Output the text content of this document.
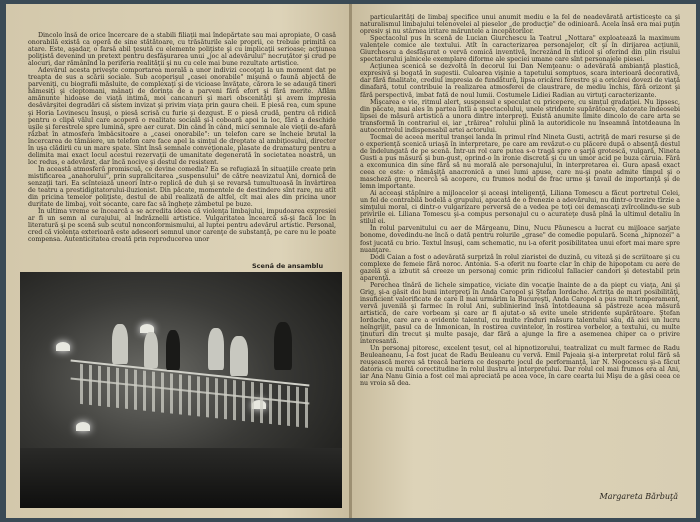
Dincolo însă de orice încercare de a stabili filiaţii mai îndepărtate sau mai apropiate, O casă onorabilă există ca operă de sine stătătoare, cu trăsăturile sale proprii, ce trebuie primită ca atare. Este, aşadar, o farsă abil ţesută cu elemente poliţiste şi cu implicaţii serioase; acţiunea poliţistă devenind un pretext pentru desfăşurarea unui „joc al adevărului" necruţător şi crud pe alocuri, dar rămânînd la periferia realităţii şi nu cu cele mai bune rezultate artistice.

Adevărul acesta priveşte comportarea morală a unor indivizi cocoţaţi la un moment dat pe treapta de sus a scării sociale. Sub acoperişul „casei onorabile" mişună o faună abjectă de parveniţi, cu biografii măsluite, de complexaţi şi de vicioase învăţate, cărora le se adaugă tineri hămesiţi şi cleptomani, mânaţi de dorinţa de a parveni fără efort şi fără merite. Aflăm amănunte hidoase de viaţă intimă, moi cancanuri şi mari obscenităţi şi avem impresia desăvârşitei degradări că sistem invizat şi privim viaţa prin gaura cheii. E piesă rea, cum spune şi Horia Lovinescu însuşi, o piesă scrisă cu furie şi dezgust. E o piesă crudă, pentru că ridică pentru o clipă vălul care acoperă o realitate socială şi-l coboară apoi la loc, fără a deschide uşile şi ferestrele spre lumină, spre aer curat. Din când în când, mici semnale ale vieţii de-afară răzbat în atmosfera îmbâcsitoare a „casei onorabile": un telefon care se încheie brutal la încercarea de tămâiere, un telefon care face apel la simţul de dreptate al ambiţiosului, directer în uşa clădirii cu un mare spate. Sînt însă semnale conveţionale, plasate de dramaturg pentru a delimita mai exact locul acestui rezervaţii de umanitate degenerată în societatea noastră, un loc redus, e adevărat, dar încă nocive şi destul de resistent.

În această atmosferă promiscuă, ce devine comedia? Ea se refugiază în situaţiile create prin mistificarea „anahorului", prin supralicitarea „suspensului" de către neavizatul Ani, dornică de senzaţii tari. Ea scînteiază uneori într-o replică de duh şi se revarsă tumultuoasă în învârtirea de teatru a prestidigitatorului-iluzionist. Din păcate, momentele de destindere sînt rare, nu atît din pricina temelor poliţiste, destul de abil realizată de altfel, cît mai ales din pricina unor duritate de limbaj, voit socante, care fac să îngheţe zâmbetul pe buze.

În ultima vreme se încearcă a se acredita ideea că violenţa limbajului, impudoarea expresiei ar fi un semn al curajului, al îndrăznelii artistice. Vulgaritatea încearcă să-şi facă loc în literatură şi pe scenă sub scutul nonconformismului, al luptei pentru adevărul artistic. Personal, cred că violenţa exterioară este adeseori semnul unor carenţe de substanţă, pe care nu le poate compensa. Autenticitatea creată prin reproducerea unor

Scenă de ansamblu

particularităţi de limbaj specifice unui anumit mediu e la fel de neadevărată artisticeşte ca şi naturalismul limbajului telenovelei al pieselor „de producţie" de odinioară. Acela însă era mai puţin opresiv şi nu stârnea iritare măruntele a incepătorilor.

Spectacolul pus în scenă de Lucian Giurchescu la Teatrul „Nottara" exploatează la maximum valenţele comice ale textului. Atît în caracterizarea personajelor, cît şi în dirijarea acţiunii, Giurchescu a desfăşurat o vervă comică inventivă, încrezând în ridicol şi oferind din plin risului spectatorului jalnicele exemplare diforme ale speciei umane care sînt personajele piesei.

Acţiunea scenică se dezvoltă în decorul lui Dan Nemţeanu: o adevărată ambianţă plastică, expresivă şi bogată în sugestii. Culoarea vişinie a tapetului somptuos, scara interioară decorativă, dar fără finalitate, crediul impresia de fundătură, lipsa oricărei ferestre şi a oricărei dovezi de viaţă dinafară, totul contribuie la realizarea atmosferei de claustrare, de mediu închis, fără orizont şi fără perspectivă, imbat fată de noul lumii. Costumele Lidiei Radian au virtuţi caracterizante.

Mişcarea e vie, ritmul alert, suspensul e speculat cu pricepere, cu simţul gradaţiei. Nu lipsesc, din păcate, mai ales în partea întîi a spectacolului, unele stridente supărătoare, datorate îndeosebi lipsei de măsură artistică a unora dintre interpreţi. Există anumite limite dincolo de care arta se transformă în contrariul ei, iar „trăirea" rolului plină la autoridicole nu înseamnă întotdeauna în autocontrolul indispensabil artei actorului.

Tocmai de aceea meritul tranşei landa în primul rînd Nineta Gusti, actriţă de mari resurse şi de o experienţă scenică uriaşă în interpretare, pe care am revăzut-o cu plăcere după o absenţă destul de îndelungată de pe scenă. Într-un rol care putea s-o tragă spre o şarjă grotescă, vulgară, Nineta Gusti a pus măsură şi bun-gust, oprind-o în ironie discretă şi cu un umor acid pe buza căruia. Fără a excomunica din sine fără să nu morală ale personajului, în interpretarea ei. Gura apasă exact ceea ce este: o rămăşiţă anacronică a unei lumi apuse, care nu-şi poate admite timpul şi o mascheză greu, încercă să acopere, cu frumos nodul de frac urme şi tavail de importanţă şi de lemn importante.

Ai acceaşi stăpînire a mijloacelor şi aceaşi inteligenţă, Liliana Tomescu a făcut portretul Celei, un fel de contrabilă bodelă a grupului, apucată de o frenezie a adevărului, nu dintr-o trezire tîrzie a simţului moral, ci dintr-o vulgarizare perversă de a vedea pe toţi cei demascaţi zvîrcolindu-se sub privirile ei. Liliana Tomescu şi-a compus personajul cu o acurateţe dusă pînă la ultimul detaliu în stilul ei.

În rolul parvenitului cu aer de Mărgeanu, Dinu, Nucu Păunescu a lucrat cu mijloace sarjate bonome, dovedindu-ne încă o dată pentru rolurile „grase" de comedie populară. Scena „hipnozei" a fost jucată cu brio. Textul însuşi, cam schematic, nu i-a oferit posibilitatea unui efort mai mare spre nuanţare.

Dodi Caian a fost o adevărată surpriză în rolul ziaristei de duzină, cu viteză şi de scriitoare şi cu complexe de femeie fără noroc. Antonia. S-a oferit nu foarte clar în chip de hipopotam cu aere de gazelă şi a izbutit să creeze un personaj comic prin ridicolul fallacier candori şi detestabil prin aparenţă.

Perechea tînără de lichele simpatice, viciate din vocaţie înainte de a da piept cu viaţa, Ani şi Grig, şi-a găsit doi buni interpreţi în Anda Caropol şi Ştefan Iordache. Actriţa de mari posibilităţi, insuficient valorificate de care îl mai urmărim la Bucureşti, Anda Caropol a pus mult temperament, vervă juvenilă şi farmec în rolul Ani, sublinierind însă întotdeauna să păstreze acea măsură artistică, de care vorbeam şi care ar fi ajutat-o să evite unele stridente supărătoare. Ştefan Iordache, care are a evidente talentul, cu multe rînduri măsura talentului său, dă aici un lucru neîngrijit, pasul ca de Înmonican, în rostirea cuvintelor, în rostirea vorbelor, a textului, cu multe ţinuturi din trecut şi multe pasaje, dar fără a ajunge la fire a asemenea chiper ca o privire interesantă.

Un personaj pitoresc, excelent ţesut, cel al hipnotizorului, teatralizat cu mult farmec de Radu Beuleaneanu, l-a fost jucat de Radu Beuleanu cu vervă. Emil Pajeaia şi-a interpretat rolul fără să reuşească mereu să treacă bariera ce desparte jocul de performanţă, iar N. Nogocescu şi-a făcut datoria cu multă corectitudine în rolul ilustru al interpretului. Dar rolul cel mai frumos era al Ani, iar Ana Nanu Ginia a fost cel mai apreciată pe acea voce, în care cearta lui Mişu de a găsi ceea ce nu vroia să dea.

Margareta Bărbuţă
